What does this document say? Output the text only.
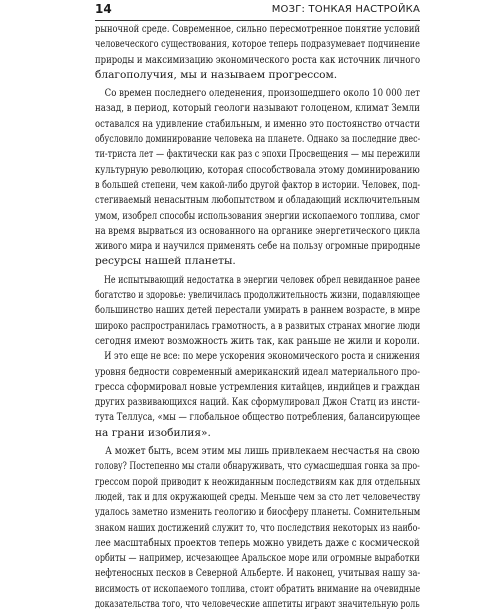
14	МОЗГ: ТОНКАЯ НАСТРОЙКА

рыночной среде. Современное, сильно пересмотренное понятие условий
человеческого существования, которое теперь подразумевает подчинение
природы и максимизацию экономического роста как источник личного
благополучия, мы и называем прогрессом.

Со времен последнего оледенения, произошедшего около 10 000 лет
назад, в период, который геологи называют голоценом, климат Земли
оставался на удивление стабильным, и именно это постоянство отчасти
обусловило доминирование человека на планете. Однако за последние двес-
ти-триста лет — фактически как раз с эпохи Просвещения — мы пережили
культурную революцию, которая способствовала этому доминированию
в большей степени, чем какой-либо другой фактор в истории. Человек, под-
стегиваемый ненасытным любопытством и обладающий исключительным
умом, изобрел способы использования энергии ископаемого топлива, смог
на время вырваться из основанного на органике энергетического цикла
живого мира и научился применять себе на пользу огромные природные
ресурсы нашей планеты.

Не испытывающий недостатка в энергии человек обрел невиданное ранее
богатство и здоровье: увеличилась продолжительность жизни, подавляющее
большинство наших детей перестали умирать в раннем возрасте, в мире
широко распространилась грамотность, а в развитых странах многие люди
сегодня имеют возможность жить так, как раньше не жили и короли.
И это еще не все: по мере ускорения экономического роста и снижения
уровня бедности современный американский идеал материального про-
гресса сформировал новые устремления китайцев, индийцев и граждан
других развивающихся наций. Как сформулировал Джон Статц из инсти-
тута Теллуса, «мы — глобальное общество потребления, балансирующее
на грани изобилия».

А может быть, всем этим мы лишь привлекаем несчастья на свою
голову? Постепенно мы стали обнаруживать, что сумасшедшая гонка за про-
грессом порой приводит к неожиданным последствиям как для отдельных
людей, так и для окружающей среды. Меньше чем за сто лет человечеству
удалось заметно изменить геологию и биосферу планеты. Сомнительным
знаком наших достижений служит то, что последствия некоторых из наибо-
лее масштабных проектов теперь можно увидеть даже с космической
орбиты — например, исчезающее Аральское море или огромные выработки
нефтеносных песков в Северной Альберте. И наконец, учитывая нашу за-
висимость от ископаемого топлива, стоит обратить внимание на очевидные
доказательства того, что человеческие аппетиты играют значительную роль
